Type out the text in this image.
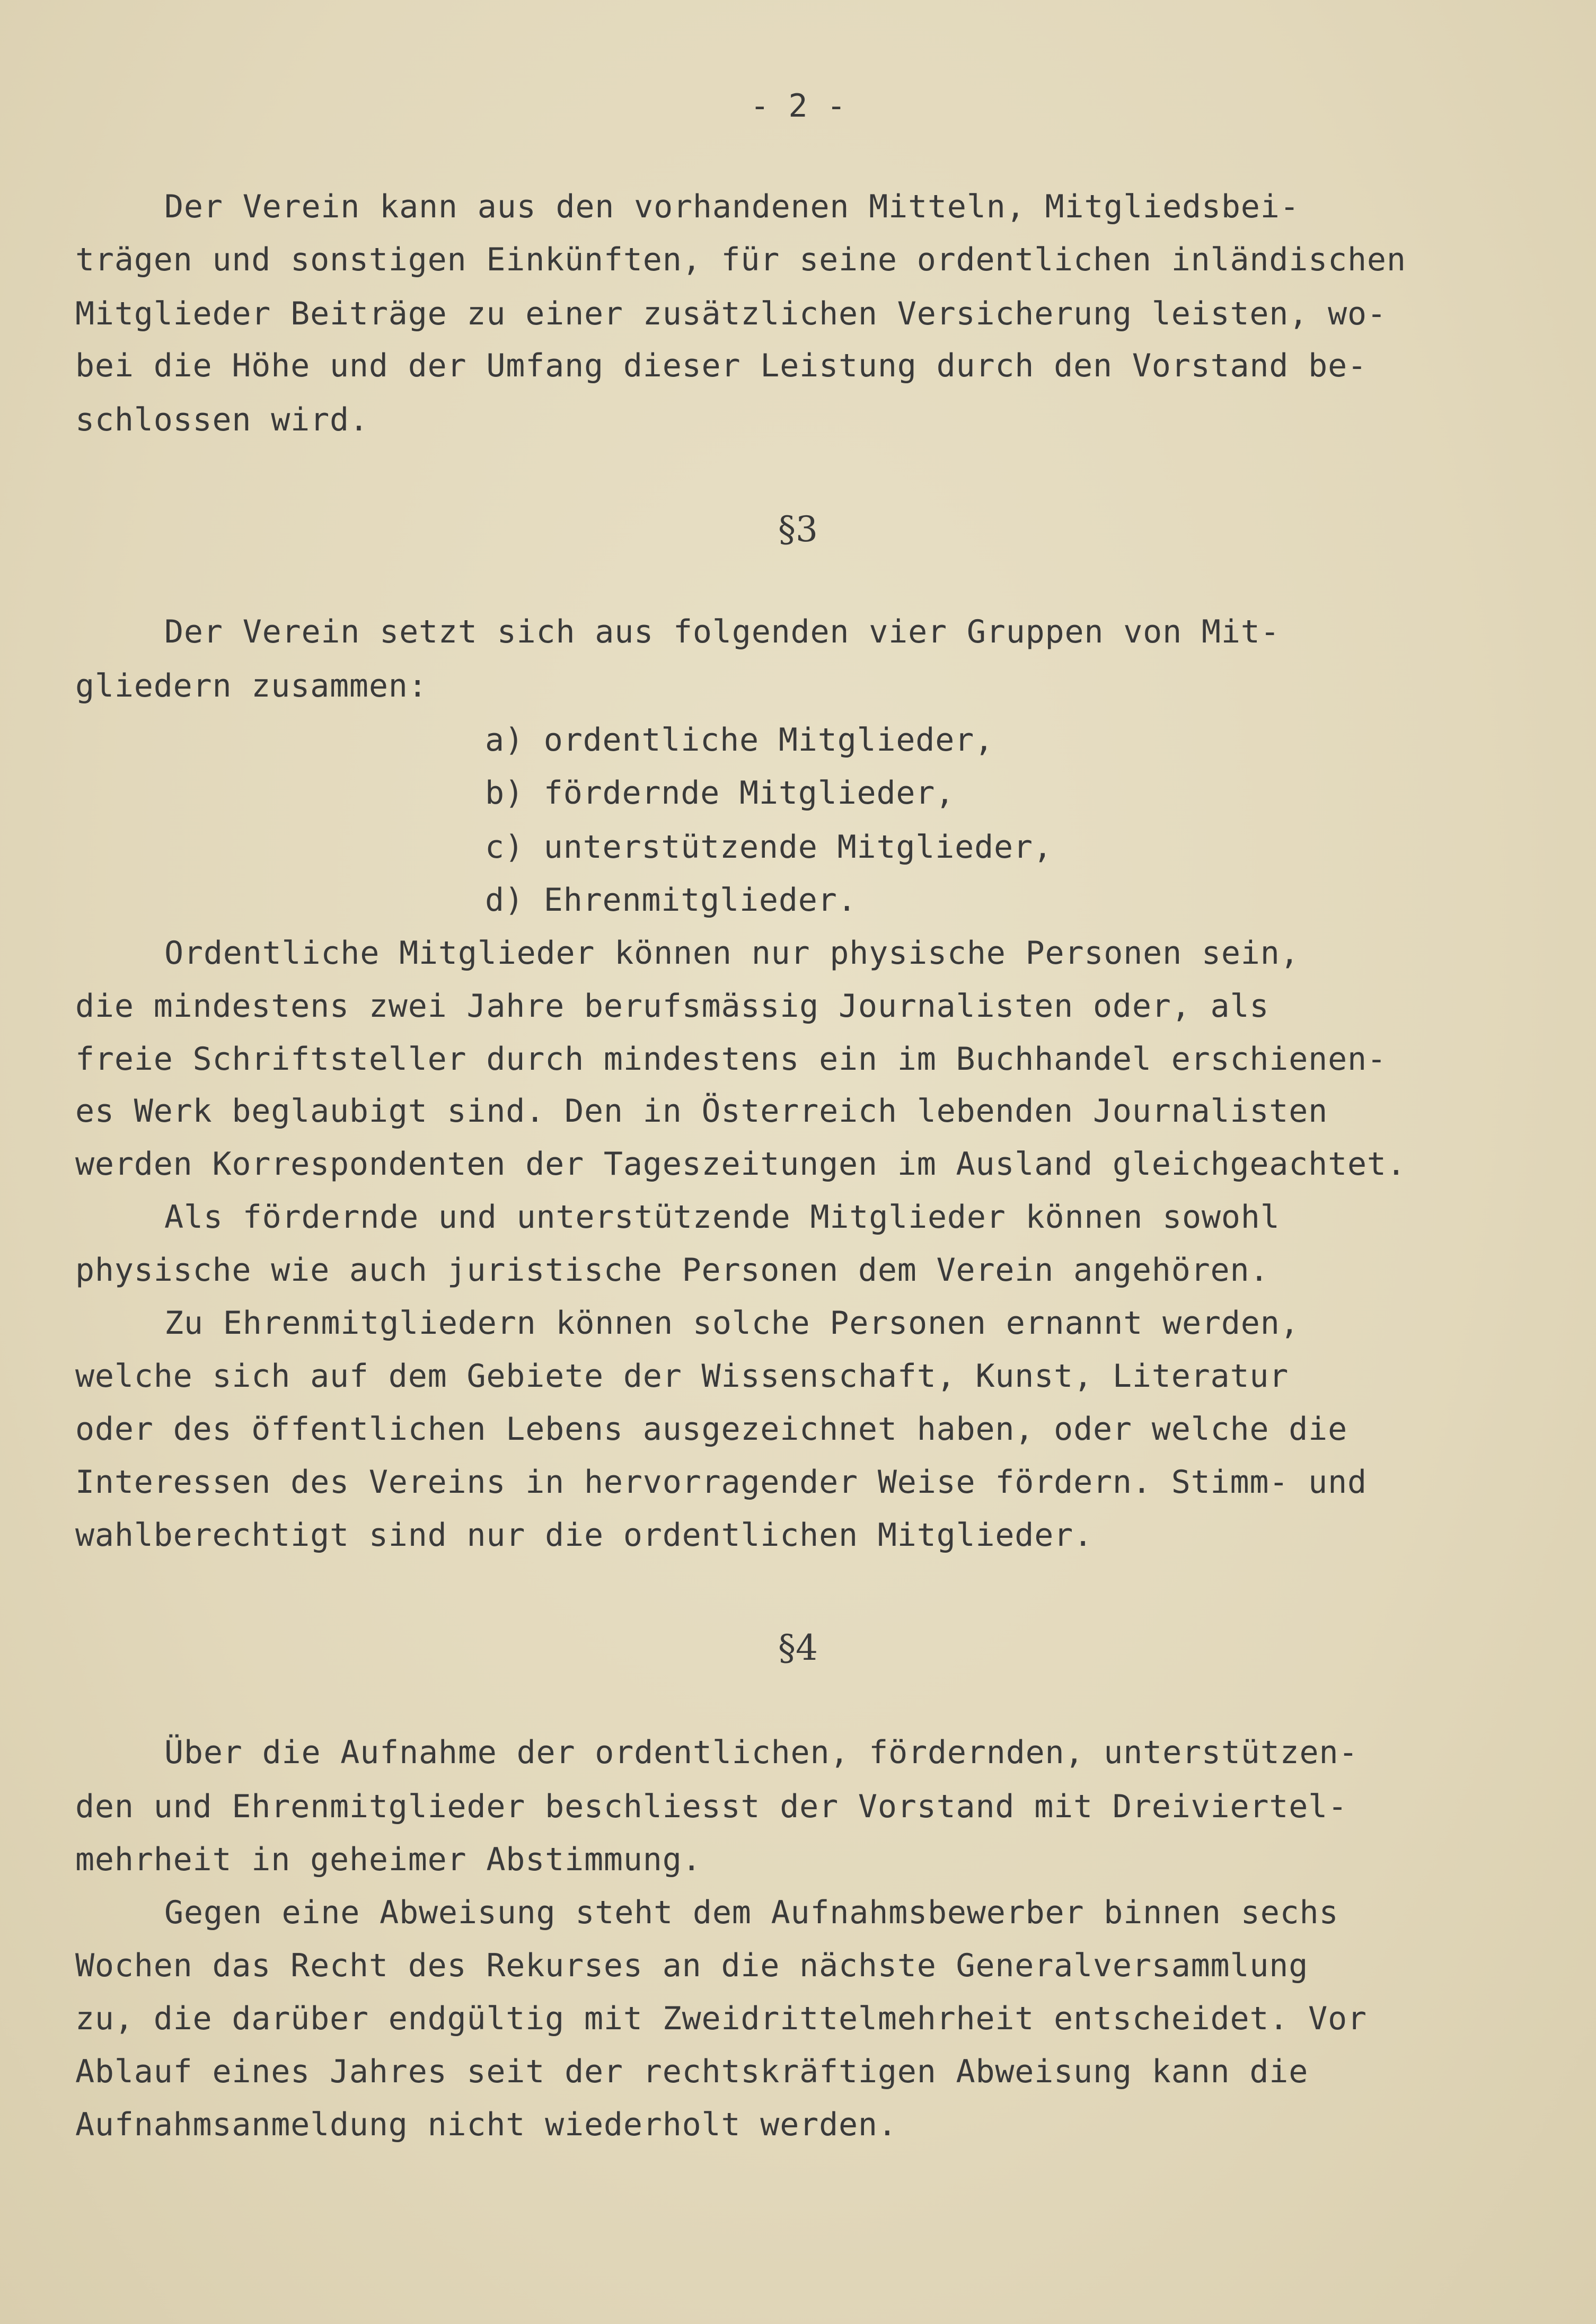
- 2 -
Der Verein kann aus den vorhandenen Mitteln, Mitgliedsbei-
trägen und sonstigen Einkünften, für seine ordentlichen inländischen
Mitglieder Beiträge zu einer zusätzlichen Versicherung leisten, wo-
bei die Höhe und der Umfang dieser Leistung durch den Vorstand be-
schlossen wird.
§3
Der Verein setzt sich aus folgenden vier Gruppen von Mit-
gliedern zusammen:
a) ordentliche Mitglieder,
b) fördernde Mitglieder,
c) unterstützende Mitglieder,
d) Ehrenmitglieder.
Ordentliche Mitglieder können nur physische Personen sein,
die mindestens zwei Jahre berufsmässig Journalisten oder, als
freie Schriftsteller durch mindestens ein im Buchhandel erschienen-
es Werk beglaubigt sind. Den in Österreich lebenden Journalisten
werden Korrespondenten der Tageszeitungen im Ausland gleichgeachtet.
Als fördernde und unterstützende Mitglieder können sowohl
physische wie auch juristische Personen dem Verein angehören.
Zu Ehrenmitgliedern können solche Personen ernannt werden,
welche sich auf dem Gebiete der Wissenschaft, Kunst, Literatur
oder des öffentlichen Lebens ausgezeichnet haben, oder welche die
Interessen des Vereins in hervorragender Weise fördern. Stimm- und
wahlberechtigt sind nur die ordentlichen Mitglieder.
§4
Über die Aufnahme der ordentlichen, fördernden, unterstützen-
den und Ehrenmitglieder beschliesst der Vorstand mit Dreiviertel-
mehrheit in geheimer Abstimmung.
Gegen eine Abweisung steht dem Aufnahmsbewerber binnen sechs
Wochen das Recht des Rekurses an die nächste Generalversammlung
zu, die darüber endgültig mit Zweidrittelmehrheit entscheidet. Vor
Ablauf eines Jahres seit der rechtskräftigen Abweisung kann die
Aufnahmsanmeldung nicht wiederholt werden.
